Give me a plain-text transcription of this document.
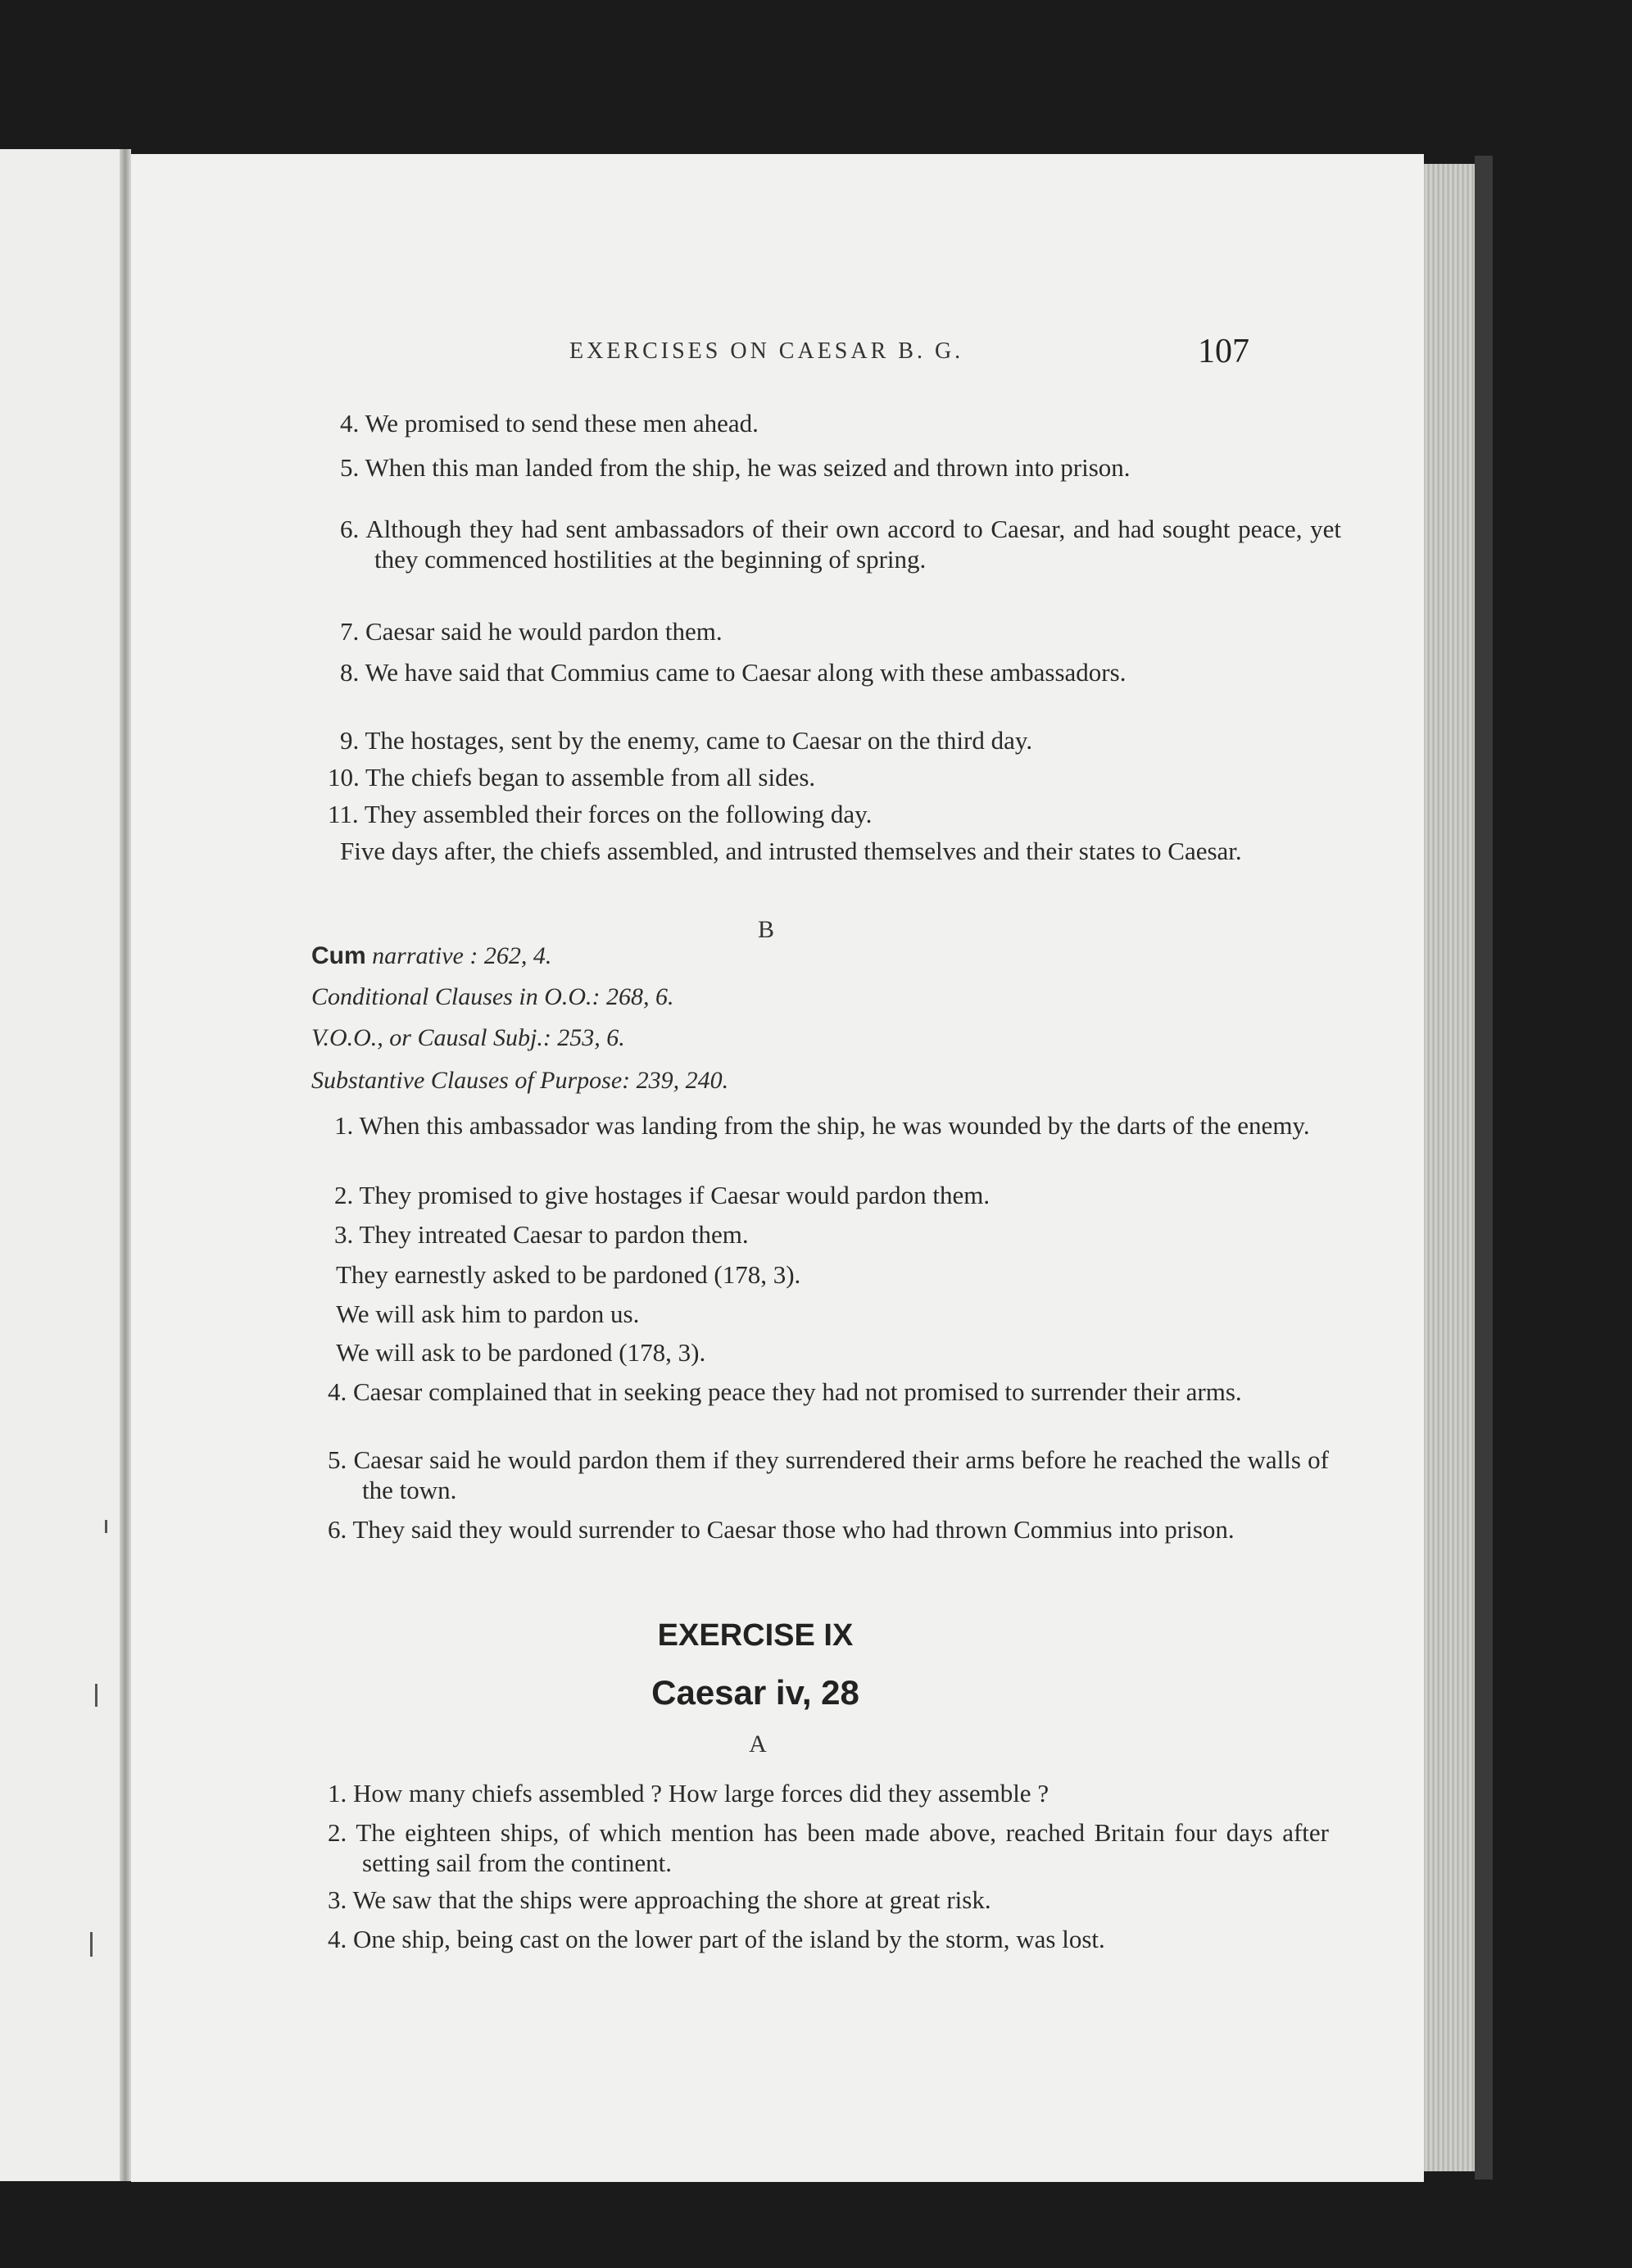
EXERCISES ON CAESAR B. G.	107
4. We promised to send these men ahead.
5. When this man landed from the ship, he was seized and thrown into prison.
6. Although they had sent ambassadors of their own accord to Caesar, and had sought peace, yet they commenced hostilities at the beginning of spring.
7. Caesar said he would pardon them.
8. We have said that Commius came to Caesar along with these ambassadors.
9. The hostages, sent by the enemy, came to Caesar on the third day.
10. The chiefs began to assemble from all sides.
11. They assembled their forces on the following day.
Five days after, the chiefs assembled, and intrusted themselves and their states to Caesar.
B
Cum narrative : 262, 4.
Conditional Clauses in O.O.: 268, 6.
V.O.O., or Causal Subj.: 253, 6.
Substantive Clauses of Purpose: 239, 240.
1. When this ambassador was landing from the ship, he was wounded by the darts of the enemy.
2. They promised to give hostages if Caesar would pardon them.
3. They intreated Caesar to pardon them.
They earnestly asked to be pardoned (178, 3).
We will ask him to pardon us.
We will ask to be pardoned (178, 3).
4. Caesar complained that in seeking peace they had not promised to surrender their arms.
5. Caesar said he would pardon them if they surrendered their arms before he reached the walls of the town.
6. They said they would surrender to Caesar those who had thrown Commius into prison.
EXERCISE IX
Caesar iv, 28
A
1. How many chiefs assembled ? How large forces did they assemble ?
2. The eighteen ships, of which mention has been made above, reached Britain four days after setting sail from the continent.
3. We saw that the ships were approaching the shore at great risk.
4. One ship, being cast on the lower part of the island by the storm, was lost.
